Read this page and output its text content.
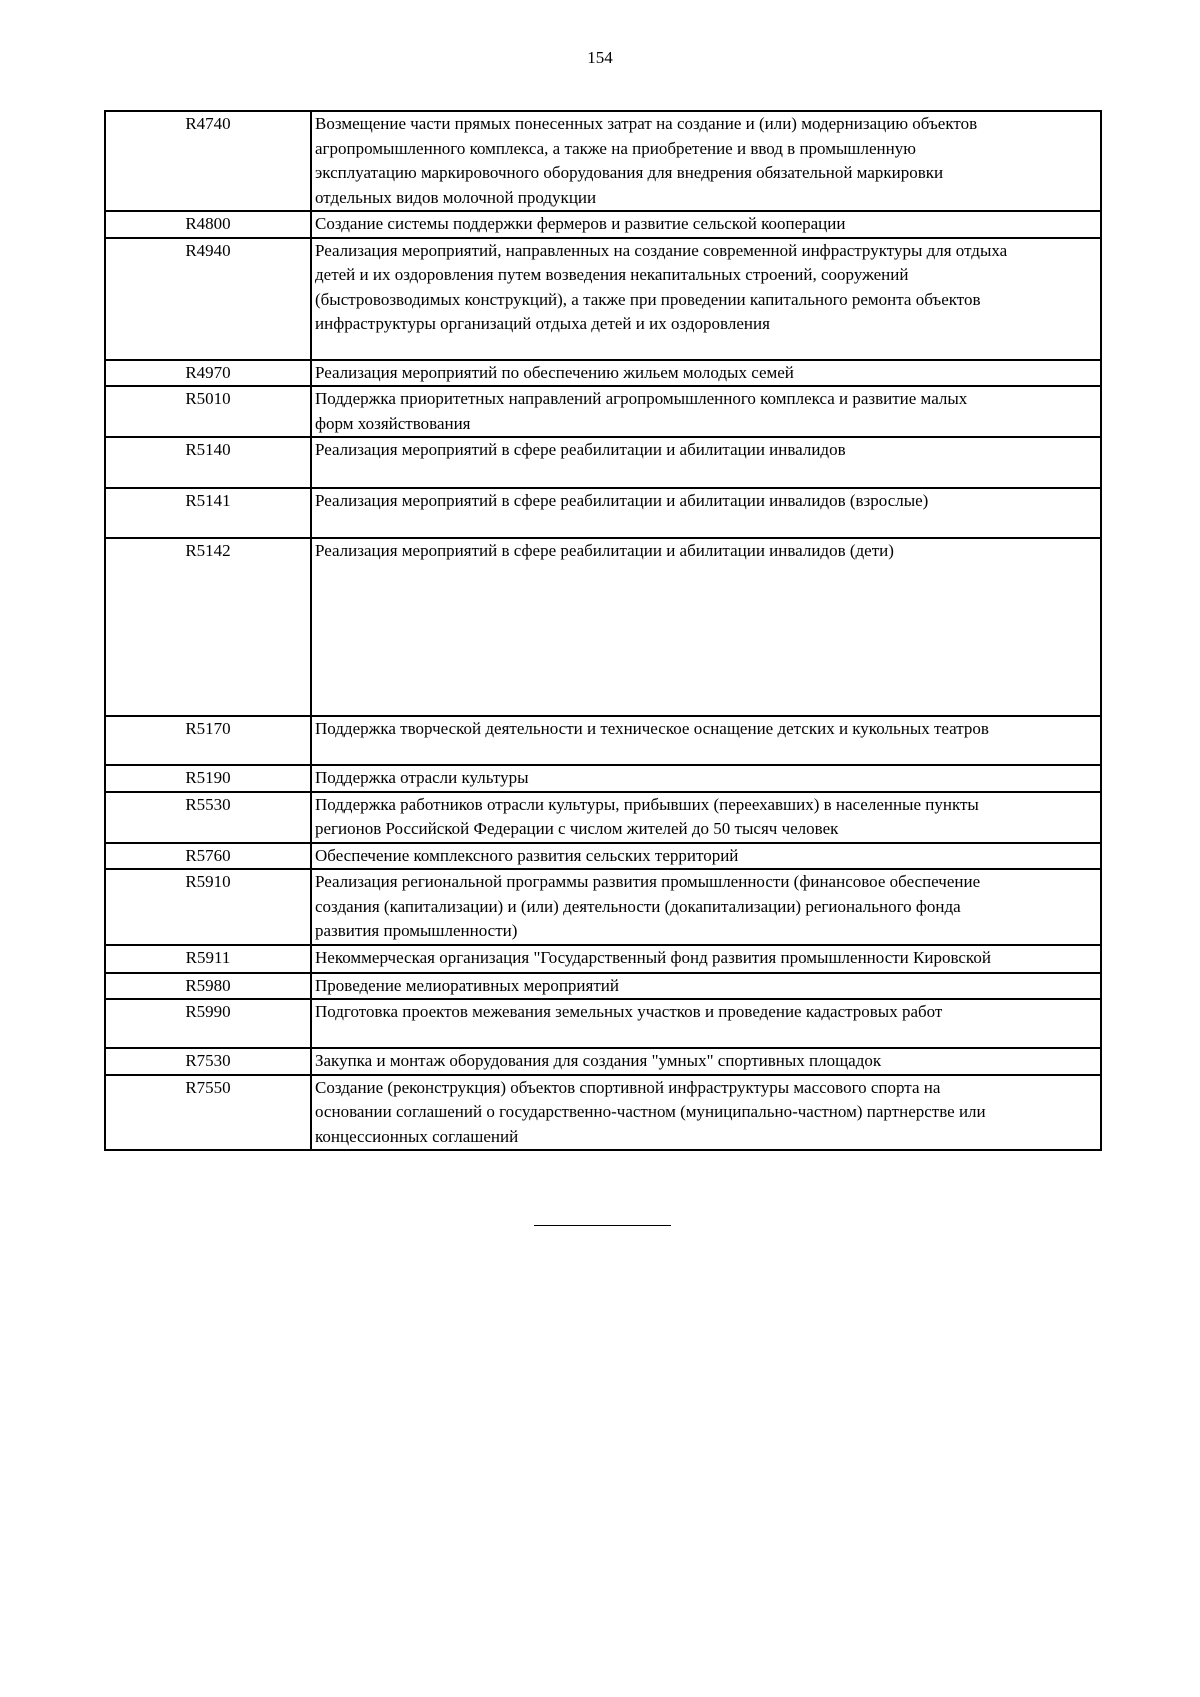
154
R4740	Возмещение части прямых понесенных затрат на создание и (или) модернизацию объектов
агропромышленного комплекса, а также на приобретение и ввод в промышленную
эксплуатацию маркировочного оборудования для внедрения обязательной маркировки
отдельных видов молочной продукции
R4800	Создание системы поддержки фермеров и развитие сельской кооперации
R4940	Реализация мероприятий, направленных на создание современной инфраструктуры для отдыха
детей и их оздоровления путем возведения некапитальных строений, сооружений
(быстровозводимых конструкций), а также при проведении капитального ремонта объектов
инфраструктуры организаций отдыха детей и их оздоровления
R4970	Реализация мероприятий по обеспечению жильем молодых семей
R5010	Поддержка приоритетных направлений агропромышленного комплекса и развитие малых
форм хозяйствования
R5140	Реализация мероприятий в сфере реабилитации и абилитации инвалидов
R5141	Реализация мероприятий в сфере реабилитации и абилитации инвалидов (взрослые)
R5142	Реализация мероприятий в сфере реабилитации и абилитации инвалидов (дети)
R5170	Поддержка творческой деятельности и техническое оснащение детских и кукольных театров
R5190	Поддержка отрасли культуры
R5530	Поддержка работников отрасли культуры, прибывших (переехавших) в населенные пункты
регионов Российской Федерации с числом жителей до 50 тысяч человек
R5760	Обеспечение комплексного развития сельских территорий
R5910	Реализация региональной программы развития промышленности (финансовое обеспечение
создания (капитализации) и (или) деятельности (докапитализации) регионального фонда
развития промышленности)
R5911	Некоммерческая организация "Государственный фонд развития промышленности Кировской
R5980	Проведение мелиоративных мероприятий
R5990	Подготовка проектов межевания земельных участков и проведение кадастровых работ
R7530	Закупка и монтаж оборудования для создания "умных" спортивных площадок
R7550	Создание (реконструкция) объектов спортивной инфраструктуры массового спорта на
основании соглашений о государственно-частном (муниципально-частном) партнерстве или
концессионных соглашений
